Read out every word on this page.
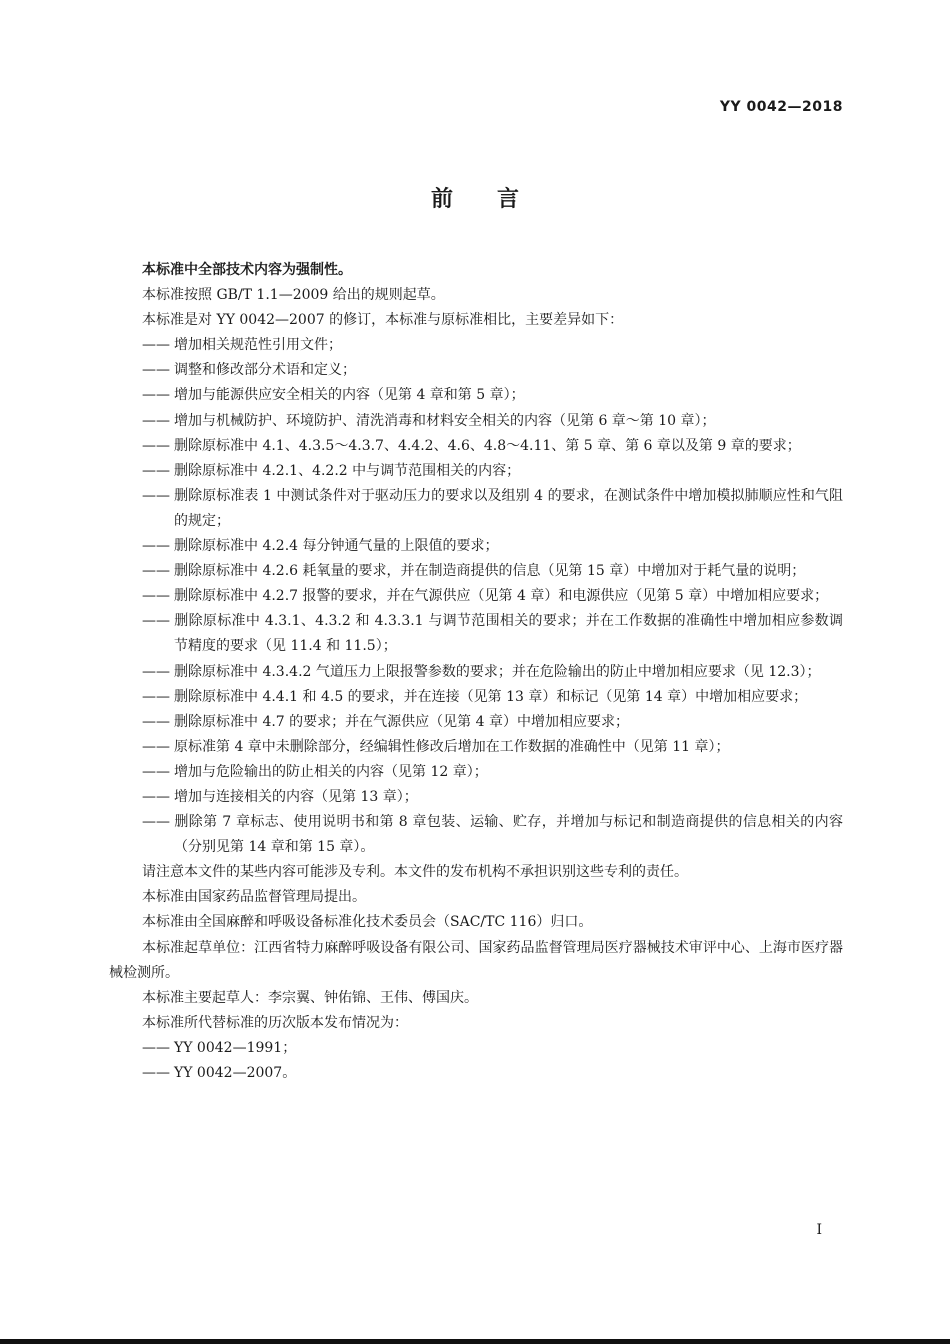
YY 0042—2018
前言

本标准中全部技术内容为强制性。

本标准按照 GB/T 1.1—2009 给出的规则起草。

本标准是对 YY 0042—2007 的修订，本标准与原标准相比，主要差异如下：

—— 增加相关规范性引用文件；

—— 调整和修改部分术语和定义；

—— 增加与能源供应安全相关的内容（见第 4 章和第 5 章）；

—— 增加与机械防护、环境防护、清洗消毒和材料安全相关的内容（见第 6 章～第 10 章）；

—— 删除原标准中 4.1、4.3.5～4.3.7、4.4.2、4.6、4.8～4.11、第 5 章、第 6 章以及第 9 章的要求；

—— 删除原标准中 4.2.1、4.2.2 中与调节范围相关的内容；

—— 删除原标准表 1 中测试条件对于驱动压力的要求以及组别 4 的要求，在测试条件中增加模拟肺顺应性和气阻的规定；

—— 删除原标准中 4.2.4 每分钟通气量的上限值的要求；

—— 删除原标准中 4.2.6 耗氧量的要求，并在制造商提供的信息（见第 15 章）中增加对于耗气量的说明；

—— 删除原标准中 4.2.7 报警的要求，并在气源供应（见第 4 章）和电源供应（见第 5 章）中增加相应要求；

—— 删除原标准中 4.3.1、4.3.2 和 4.3.3.1 与调节范围相关的要求；并在工作数据的准确性中增加相应参数调节精度的要求（见 11.4 和 11.5）；

—— 删除原标准中 4.3.4.2 气道压力上限报警参数的要求；并在危险输出的防止中增加相应要求（见 12.3）；

—— 删除原标准中 4.4.1 和 4.5 的要求，并在连接（见第 13 章）和标记（见第 14 章）中增加相应要求；

—— 删除原标准中 4.7 的要求；并在气源供应（见第 4 章）中增加相应要求；

—— 原标准第 4 章中未删除部分，经编辑性修改后增加在工作数据的准确性中（见第 11 章）；

—— 增加与危险输出的防止相关的内容（见第 12 章）；

—— 增加与连接相关的内容（见第 13 章）；

—— 删除第 7 章标志、使用说明书和第 8 章包装、运输、贮存，并增加与标记和制造商提供的信息相关的内容（分别见第 14 章和第 15 章）。

请注意本文件的某些内容可能涉及专利。本文件的发布机构不承担识别这些专利的责任。

本标准由国家药品监督管理局提出。

本标准由全国麻醉和呼吸设备标准化技术委员会（SAC/TC 116）归口。

本标准起草单位：江西省特力麻醉呼吸设备有限公司、国家药品监督管理局医疗器械技术审评中心、上海市医疗器械检测所。

本标准主要起草人：李宗翼、钟佑锦、王伟、傅国庆。

本标准所代替标准的历次版本发布情况为：

—— YY 0042—1991；

—— YY 0042—2007。

I
